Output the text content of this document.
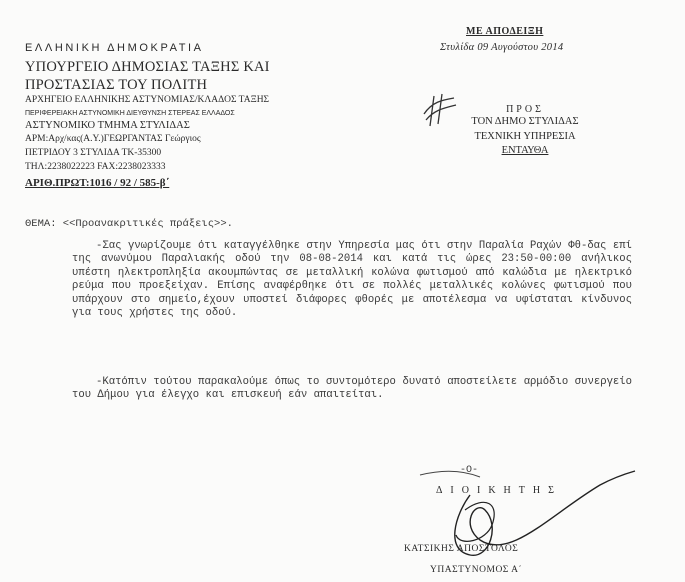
ΜΕ ΑΠΟΔΕΙΞΗ
Στυλίδα 09 Αυγούστου 2014
ΕΛΛΗΝΙΚΗ ΔΗΜΟΚΡΑΤΙΑ
ΥΠΟΥΡΓΕΙΟ ΔΗΜΟΣΙΑΣ ΤΑΞΗΣ ΚΑΙ
ΠΡΟΣΤΑΣΙΑΣ ΤΟΥ ΠΟΛΙΤΗ
ΑΡΧΗΓΕΙΟ ΕΛΛΗΝΙΚΗΣ ΑΣΤΥΝΟΜΙΑΣ/ΚΛΑΔΟΣ ΤΑΞΗΣ
ΠΕΡΙΦΕΡΕΙΑΚΗ ΑΣΤΥΝΟΜΙΚΗ ΔΙΕΥΘΥΝΣΗ ΣΤΕΡΕΑΣ ΕΛΛΑΔΟΣ
ΑΣΤΥΝΟΜΙΚΟ ΤΜΗΜΑ ΣΤΥΛΙΔΑΣ
ΑΡΜ:Αρχ/κας(Α.Υ.)ΓΕΩΡΓΑΝΤΑΣ Γεώργιος
ΠΕΤΡΙΔΟΥ 3 ΣΤΥΛΙΔΑ ΤΚ-35300
ΤΗΛ:2238022223 FAX:2238023333
ΑΡΙΘ.ΠΡΩΤ:1016 / 92 / 585-β΄
ΠΡΟΣ
ΤΟΝ ΔΗΜΟ ΣΤΥΛΙΔΑΣ
ΤΕΧΝΙΚΗ ΥΠΗΡΕΣΙΑ
ΕΝΤΑΥΘΑ
ΘΕΜΑ: <<Προανακριτικές πράξεις>>.
-Σας γνωρίζουμε ότι καταγγέλθηκε στην Υπηρεσία μας ότι στην Παραλία Ραχών Φθ-δας επί της ανωνύμου Παραλιακής οδού την 08-08-2014 και κατά τις ώρες 23:50-00:00 ανήλικος υπέστη ηλεκτροπληξία ακουμπώντας σε μεταλλική κολώνα φωτισμού από καλώδια με ηλεκτρικό ρεύμα που προεξείχαν. Επίσης αναφέρθηκε ότι σε πολλές μεταλλικές κολώνες φωτισμού που υπάρχουν στο σημείο,έχουν υποστεί διάφορες φθορές με αποτέλεσμα να υφίσταται κίνδυνος για τους χρήστες της οδού.
-Κατόπιν τούτου παρακαλούμε όπως το συντομότερο δυνατό αποστείλετε αρμόδιο συνεργείο του Δήμου για έλεγχο και επισκευή εάν απαιτείται.
-Ο-
ΔΙΟΙΚΗΤΗΣ
ΚΑΤΣΙΚΗΣ ΑΠΟΣΤΟΛΟΣ
ΥΠΑΣΤΥΝΟΜΟΣ Α΄
